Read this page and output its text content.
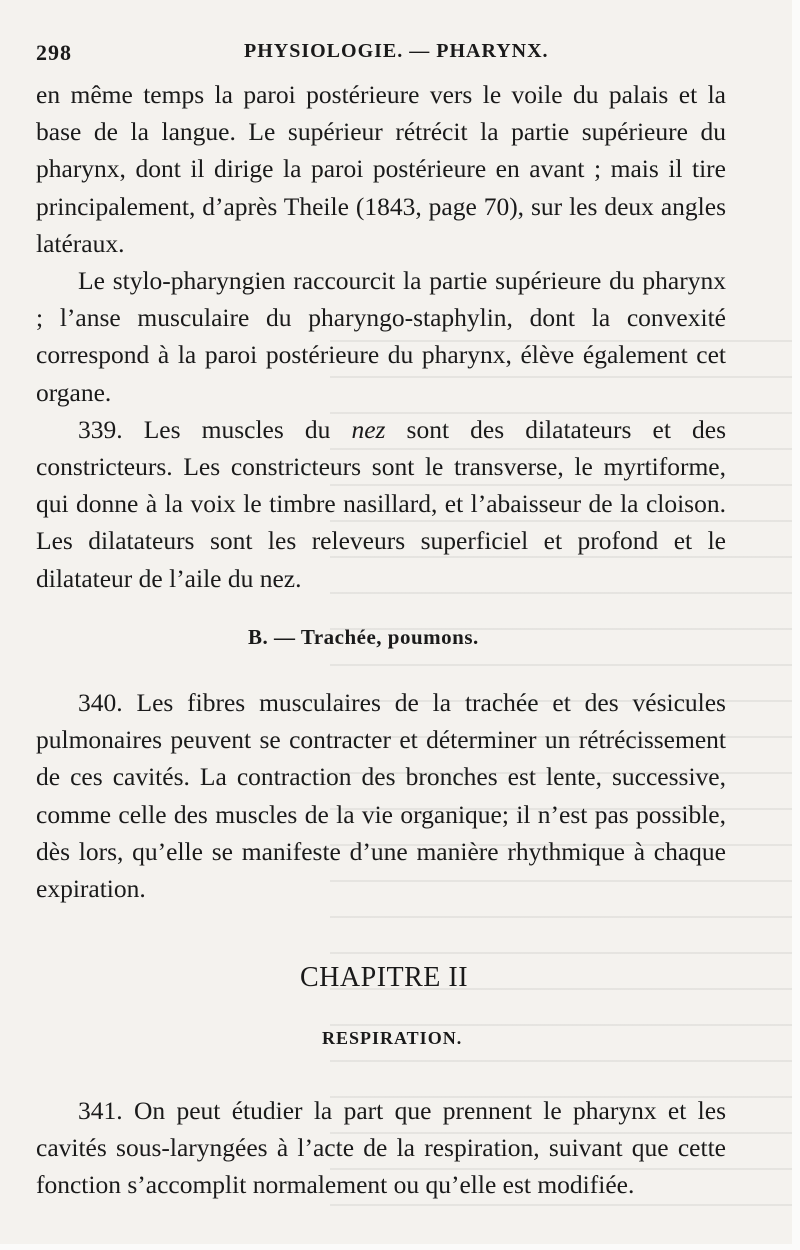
298	PHYSIOLOGIE. — PHARYNX.

en même temps la paroi postérieure vers le voile du palais et la base de la langue. Le supérieur rétrécit la partie supérieure du pharynx, dont il dirige la paroi postérieure en avant ; mais il tire principalement, d’après Theile (1843, page 70), sur les deux angles latéraux.

Le stylo-pharyngien raccourcit la partie supérieure du pharynx ; l’anse musculaire du pharyngo-staphylin, dont la convexité correspond à la paroi postérieure du pharynx, élève également cet organe.

339. Les muscles du nez sont des dilatateurs et des constricteurs. Les constricteurs sont le transverse, le myrtiforme, qui donne à la voix le timbre nasillard, et l’abaisseur de la cloison. Les dilatateurs sont les releveurs superficiel et profond et le dilatateur de l’aile du nez.

B. — Trachée, poumons.

340. Les fibres musculaires de la trachée et des vésicules pulmonaires peuvent se contracter et déterminer un rétrécissement de ces cavités. La contraction des bronches est lente, successive, comme celle des muscles de la vie organique; il n’est pas possible, dès lors, qu’elle se manifeste d’une manière rhythmique à chaque expiration.

CHAPITRE II
RESPIRATION.

341. On peut étudier la part que prennent le pharynx et les cavités sous-laryngées à l’acte de la respiration, suivant que cette fonction s’accomplit normalement ou qu’elle est modifiée.
